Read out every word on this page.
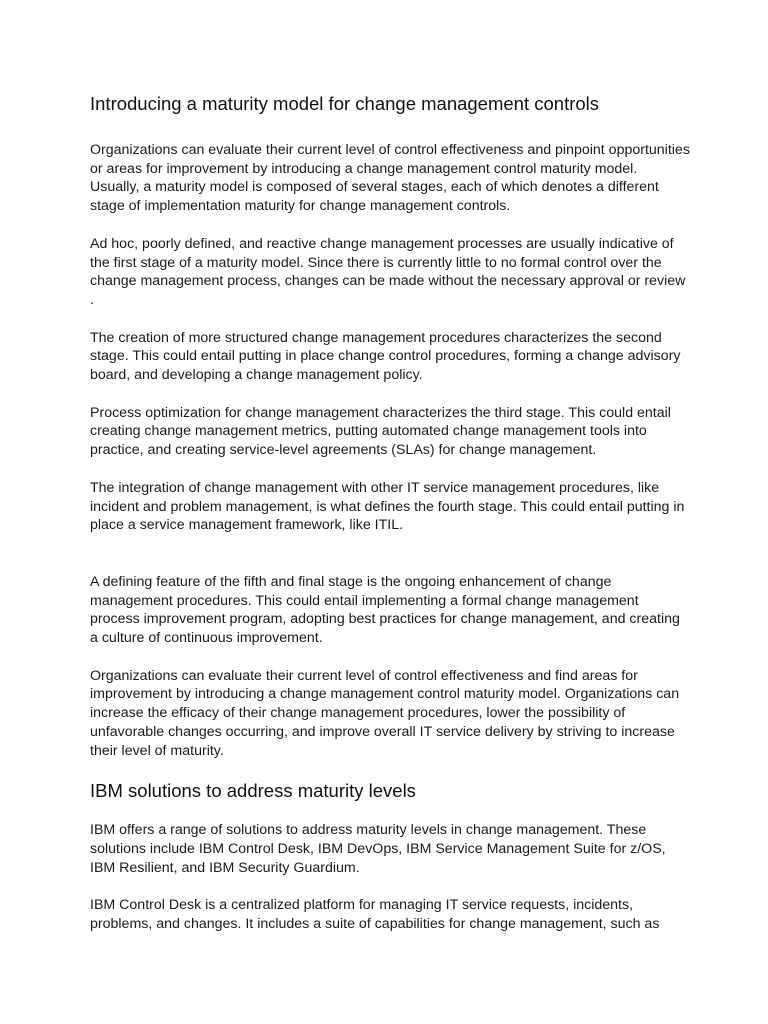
Introducing a maturity model for change management controls

Organizations can evaluate their current level of control effectiveness and pinpoint opportunities or areas for improvement by introducing a change management control maturity model. Usually, a maturity model is composed of several stages, each of which denotes a different stage of implementation maturity for change management controls.

Ad hoc, poorly defined, and reactive change management processes are usually indicative of the first stage of a maturity model. Since there is currently little to no formal control over the change management process, changes can be made without the necessary approval or review .

The creation of more structured change management procedures characterizes the second stage. This could entail putting in place change control procedures, forming a change advisory board, and developing a change management policy.

Process optimization for change management characterizes the third stage. This could entail creating change management metrics, putting automated change management tools into practice, and creating service-level agreements (SLAs) for change management.

The integration of change management with other IT service management procedures, like incident and problem management, is what defines the fourth stage. This could entail putting in place a service management framework, like ITIL.

A defining feature of the fifth and final stage is the ongoing enhancement of change management procedures. This could entail implementing a formal change management process improvement program, adopting best practices for change management, and creating a culture of continuous improvement.

Organizations can evaluate their current level of control effectiveness and find areas for improvement by introducing a change management control maturity model. Organizations can increase the efficacy of their change management procedures, lower the possibility of unfavorable changes occurring, and improve overall IT service delivery by striving to increase their level of maturity.

IBM solutions to address maturity levels

IBM offers a range of solutions to address maturity levels in change management. These solutions include IBM Control Desk, IBM DevOps, IBM Service Management Suite for z/OS, IBM Resilient, and IBM Security Guardium.

IBM Control Desk is a centralized platform for managing IT service requests, incidents, problems, and changes. It includes a suite of capabilities for change management, such as
